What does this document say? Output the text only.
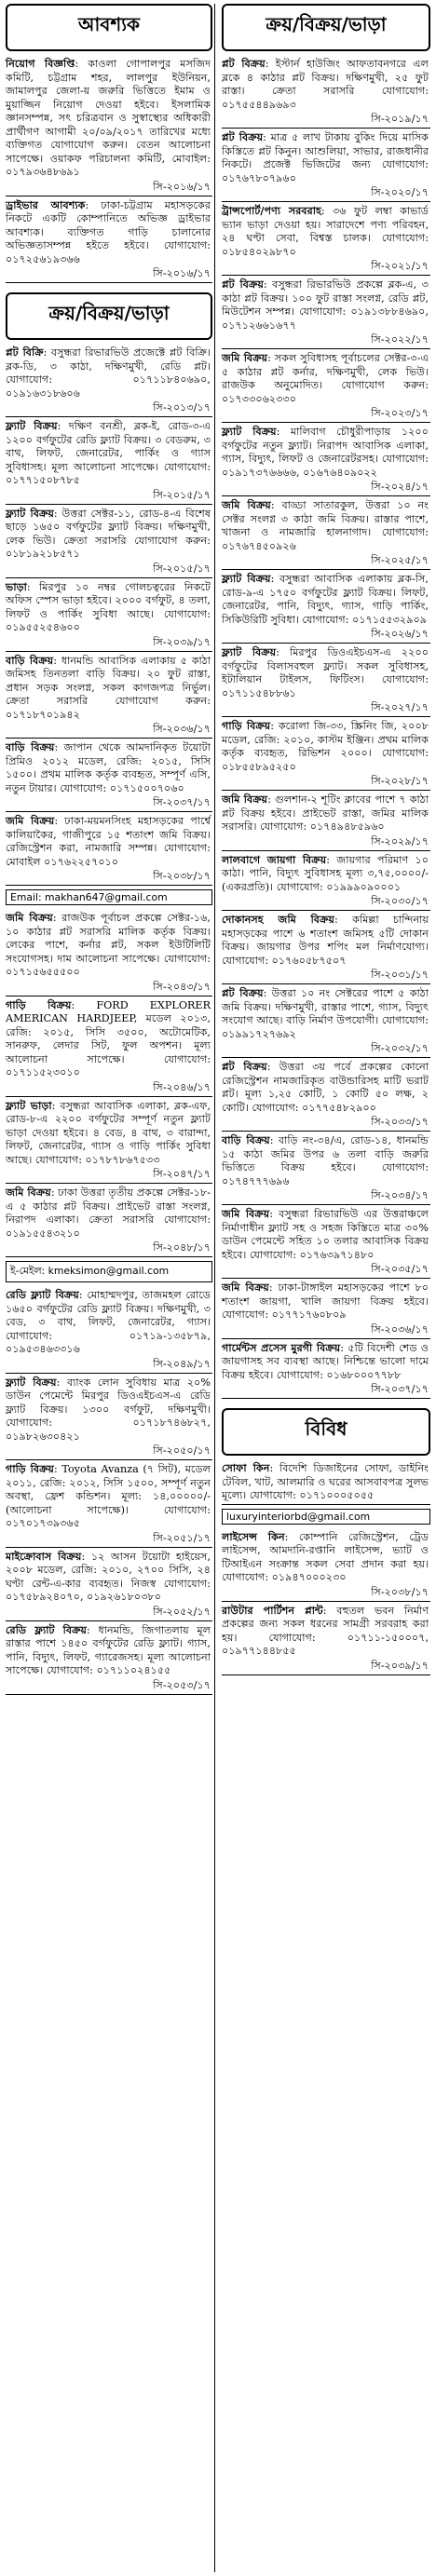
আবশ্যক
নিয়োগ বিজ্ঞপ্তি: কাওলা গোপালপুর মসজিদ কমিটি, চট্টগ্রাম শহর, লালপুর ইউনিয়ন, জামালপুর জেলা-য় জরুরি ভিত্তিতে ইমাম ও মুয়াজ্জিন নিয়োগ দেওয়া হইবে। ইসলামিক জ্ঞানসম্পন্ন, সৎ চরিত্রবান ও সুস্বাস্থ্যের অধিকারী প্রার্থীগণ আগামী ২০/০৯/২০১৭ তারিখের মধ্যে ব্যক্তিগত যোগাযোগ করুন। বেতন আলোচনা সাপেক্ষে। ওয়াকফ পরিচালনা কমিটি, মোবাইল: ০১৭৯৩৬৪৮৬৯১
সি-২০১৬/১৭
ড্রাইভার আবশ্যক: ঢাকা-চট্টগ্রাম মহাসড়কের নিকটে একটি কোম্পানিতে অভিজ্ঞ ড্রাইভার আবশ্যক। ব্যক্তিগত গাড়ি চালানোর অভিজ্ঞতাসম্পন্ন হইতে হইবে। যোগাযোগ: ০১৭২৫৬১৯৩৬৬
সি-২০১৬/১৭
ক্রয়/বিক্রয়/ভাড়া
প্লট বিক্রি: বসুন্ধরা রিভারভিউ প্রজেক্টে প্লট বিক্রি। ব্লক-ডি, ৩ কাঠা, দক্ষিণমুখী, রেডি প্লট। যোগাযোগ: ০১৭১১৮৪০৬৯০, ০১৯১৬৩১৮৬০৬
সি-২০১৩/১৭
ফ্ল্যাট বিক্রয়: দক্ষিণ বনশ্রী, ব্লক-ই, রোড-৩-এ ১২০০ বর্গফুটের রেডি ফ্ল্যাট বিক্রয়। ৩ বেডরুম, ৩ বাথ, লিফট, জেনারেটর, পার্কিং ও গ্যাস সুবিধাসহ। মূল্য আলোচনা সাপেক্ষে। যোগাযোগ: ০১৭৭১৫০৮৭৮৫
সি-২০১৫/১৭
ফ্ল্যাট বিক্রয়: উত্তরা সেক্টর-১১, রোড-৪-এ বিশেষ ছাড়ে ১৬৫০ বর্গফুটের ফ্ল্যাট বিক্রয়। দক্ষিণমুখী, লেক ভিউ। ক্রেতা সরাসরি যোগাযোগ করুন: ০১৮১৯২১৮৫৭১
সি-২০১৫/১৭
ভাড়া: মিরপুর ১০ নম্বর গোলচত্বরের নিকটে অফিস স্পেস ভাড়া হইবে। ২০০০ বর্গফুট, ৪ তলা, লিফট ও পার্কিং সুবিধা আছে। যোগাযোগ: ০১৯৫৫২৫৪৬০০
সি-২০৩৯/১৭
বাড়ি বিক্রয়: ধানমন্ডি আবাসিক এলাকায় ৫ কাঠা জমিসহ তিনতলা বাড়ি বিক্রয়। ২০ ফুট রাস্তা, প্রধান সড়ক সংলগ্ন, সকল কাগজপত্র নির্ভুল। ক্রেতা সরাসরি যোগাযোগ করুন: ০১৭১৮৭০১৯৪২
সি-২০৩৬/১৭
বাড়ি বিক্রয়: জাপান থেকে আমদানিকৃত টয়োটা প্রিমিও ২০১২ মডেল, রেজি: ২০১৫, সিসি ১৫০০। প্রথম মালিক কর্তৃক ব্যবহৃত, সম্পূর্ণ এসি, নতুন টায়ার। যোগাযোগ: ০১৭১৫০০৭০৬০
সি-২০৩৭/১৭
জমি বিক্রয়: ঢাকা-ময়মনসিংহ মহাসড়কের পার্শ্বে কালিয়াকৈর, গাজীপুরে ১৫ শতাংশ জমি বিক্রয়। রেজিস্ট্রেশন করা, নামজারি সম্পন্ন। যোগাযোগ: মোবাইল ০১৭৬২২৫৭০১০
সি-২০৩৮/১৭
Email: makhan647@gmail.com
জমি বিক্রয়: রাজউক পূর্বাচল প্রকল্পে সেক্টর-১৬, ১০ কাঠার প্লট সরাসরি মালিক কর্তৃক বিক্রয়। লেকের পাশে, কর্নার প্লট, সকল ইউটিলিটি সংযোগসহ। দাম আলোচনা সাপেক্ষে। যোগাযোগ: ০১৭১৫৬৫৫৫০০
সি-২০৪৩/১৭
গাড়ি বিক্রয়: FORD EXPLORER AMERICAN HARDJEEP, মডেল ২০১৩, রেজি: ২০১৫, সিসি ৩৫০০, অটোমেটিক, সানরুফ, লেদার সিট, ফুল অপশন। মূল্য আলোচনা সাপেক্ষে। যোগাযোগ: ০১৭১১৫২৩০১০
সি-২০৪৬/১৭
ফ্ল্যাট ভাড়া: বসুন্ধরা আবাসিক এলাকা, ব্লক-এফ, রোড-৮-এ ২২০০ বর্গফুটের সম্পূর্ণ নতুন ফ্ল্যাট ভাড়া দেওয়া হইবে। ৪ বেড, ৪ বাথ, ৩ বারান্দা, লিফট, জেনারেটর, গ্যাস ও গাড়ি পার্কিং সুবিধা আছে। যোগাযোগ: ০১৭৮৭৮৬৭৫৩৩
সি-২০৪৭/১৭
জমি বিক্রয়: ঢাকা উত্তরা তৃতীয় প্রকল্পে সেক্টর-১৮-এ ৫ কাঠার প্লট বিক্রয়। প্রাইভেট রাস্তা সংলগ্ন, নিরাপদ এলাকা। ক্রেতা সরাসরি যোগাযোগ: ০১৯১৫৫৪৩২১০
সি-২০৪৮/১৭
ই-মেইল: kmeksimon@gmail.com
রেডি ফ্ল্যাট বিক্রয়: মোহাম্মদপুর, তাজমহল রোডে ১৬৫০ বর্গফুটের রেডি ফ্ল্যাট বিক্রয়। দক্ষিণমুখী, ৩ বেড, ৩ বাথ, লিফট, জেনারেটর, গ্যাস। যোগাযোগ: ০১৭১৯-১৩৫৮৭৯, ০১৯৫৩৪৬৩৩১৬
সি-২০৪৯/১৭
ফ্ল্যাট বিক্রয়: ব্যাংক লোন সুবিধায় মাত্র ২০% ডাউন পেমেন্টে মিরপুর ডিওএইচএস-এ রেডি ফ্ল্যাট বিক্রয়। ১৩০০ বর্গফুট, দক্ষিণমুখী। যোগাযোগ: ০১৭১৮৭৪৬৮২৭, ০১৯৮২৬৩০৪২১
সি-২০৫০/১৭
গাড়ি বিক্রয়: Toyota Avanza (৭ সিট), মডেল ২০১১, রেজি: ২০১২, সিসি ১৫০০, সম্পূর্ণ নতুন অবস্থা, ফ্রেশ কন্ডিশন। মূল্য: ১৪,০০০০০/- (আলোচনা সাপেক্ষে)। যোগাযোগ: ০১৭০১৭৩৯৩৬৫
সি-২০৫১/১৭
মাইক্রোবাস বিক্রয়: ১২ আসন টয়োটা হাইয়েস, ২০০৮ মডেল, রেজি: ২০১০, ২৭০০ সিসি, ২৪ ঘণ্টা রেন্ট-এ-কার ব্যবহৃত। নিজস্ব যোগাযোগ: ০১৭৫৮৯২৪০৭০, ০১৯২৬১৮০৩৮০
সি-২০৫২/১৭
রেডি ফ্ল্যাট বিক্রয়: ধানমন্ডি, জিগাতলায় মূল রাস্তার পাশে ১৪৫০ বর্গফুটের রেডি ফ্ল্যাট। গ্যাস, পানি, বিদ্যুৎ, লিফট, গ্যারেজসহ। মূল্য আলোচনা সাপেক্ষে। যোগাযোগ: ০১৭১১০২৪১৫৫
সি-২০৫৩/১৭
ক্রয়/বিক্রয়/ভাড়া
প্লট বিক্রয়: ইস্টার্ন হাউজিং আফতাবনগরে এল ব্লকে ৪ কাঠার প্লট বিক্রয়। দক্ষিণমুখী, ২৫ ফুট রাস্তা। ক্রেতা সরাসরি যোগাযোগ: ০১৭৫৫৪৪৯৬৯৩
সি-২০১৯/১৭
প্লট বিক্রয়: মাত্র ৫ লাখ টাকায় বুকিং দিয়ে মাসিক কিস্তিতে প্লট কিনুন। আশুলিয়া, সাভার, রাজধানীর নিকটে। প্রজেক্ট ভিজিটের জন্য যোগাযোগ: ০১৭৬৭৮০৭৯৬০
সি-২০২০/১৭
ট্রান্সপোর্ট/পণ্য সরবরাহ: ৩৬ ফুট লম্বা কাভার্ড ভ্যান ভাড়া দেওয়া হয়। সারাদেশে পণ্য পরিবহন, ২৪ ঘণ্টা সেবা, বিশ্বস্ত চালক। যোগাযোগ: ০১৮৫৪০২৯৮৭০
সি-২০২১/১৭
প্লট বিক্রয়: বসুন্ধরা রিভারভিউ প্রকল্পে ব্লক-এ, ৩ কাঠা প্লট বিক্রয়। ১০০ ফুট রাস্তা সংলগ্ন, রেডি প্লট, মিউটেশন সম্পন্ন। যোগাযোগ: ০১৯১৩৮৮৪৬৯০, ০১৭১২৬৬১৬৭৭
সি-২০২২/১৭
জমি বিক্রয়: সকল সুবিধাসহ পূর্বাচলের সেক্টর-৩-এ ৫ কাঠার প্লট কর্নার, দক্ষিণমুখী, লেক ভিউ। রাজউক অনুমোদিত। যোগাযোগ করুন: ০১৭৩৩০৬২৩৩০
সি-২০২৩/১৭
ফ্ল্যাট বিক্রয়: মালিবাগ চৌধুরীপাড়ায় ১২০০ বর্গফুটের নতুন ফ্ল্যাট। নিরাপদ আবাসিক এলাকা, গ্যাস, বিদ্যুৎ, লিফট ও জেনারেটরসহ। যোগাযোগ: ০১৯১৭৩৭৬৬৬৬, ০১৬৭৬৪০৯০২২
সি-২০২৪/১৭
জমি বিক্রয়: বাড্ডা সাতারকুল, উত্তরা ১০ নং সেক্টর সংলগ্ন ৩ কাঠা জমি বিক্রয়। রাস্তার পাশে, খাজনা ও নামজারি হালনাগাদ। যোগাযোগ: ০১৭৬৭৪৫০৯২৬
সি-২০২৫/১৭
ফ্ল্যাট বিক্রয়: বসুন্ধরা আবাসিক এলাকায় ব্লক-সি, রোড-৯-এ ১৭৫০ বর্গফুটের ফ্ল্যাট বিক্রয়। লিফট, জেনারেটর, পানি, বিদ্যুৎ, গ্যাস, গাড়ি পার্কিং, সিকিউরিটি সুবিধা। যোগাযোগ: ০১৭১৫৫৩২৯০৯
সি-২০২৬/১৭
ফ্ল্যাট বিক্রয়: মিরপুর ডিওএইচএস-এ ২২০০ বর্গফুটের বিলাসবহুল ফ্ল্যাট। সকল সুবিধাসহ, ইটালিয়ান টাইলস, ফিটিংস। যোগাযোগ: ০১৭১১৫৪৮৮৬১
সি-২০২৭/১৭
গাড়ি বিক্রয়: করোলা জি-৩৩, স্ক্রিনিং জি, ২০০৮ মডেল, রেজি: ২০১০, কাস্টম ইঞ্জিন। প্রথম মালিক কর্তৃক ব্যবহৃত, রিভিশন ২০০০। যোগাযোগ: ০১৮৫৫৮৯৫২৫০
সি-২০২৮/১৭
জমি বিক্রয়: গুলশান-২ শূটিং ক্লাবের পাশে ৭ কাঠা প্লট বিক্রয় হইবে। প্রাইভেট রাস্তা, জমির মালিক সরাসরি। যোগাযোগ: ০১৭৪৯৪৮৫৯৬০
সি-২০২৯/১৭
লালবাগে জায়গা বিক্রয়: জায়গার পরিমাণ ১০ কাঠা। পানি, বিদ্যুৎ সুবিধাসহ মূল্য ৩,৭৫,০০০০/- (একরপ্রতি)। যোগাযোগ: ০১৯৯৯০৯০০০১
সি-২০৩০/১৭
দোকানসহ জমি বিক্রয়: কমিল্লা চান্দিনায় মহাসড়কের পাশে ৬ শতাংশ জমিসহ ৫টি দোকান বিক্রয়। জায়গার উপর শপিং মল নির্মাণযোগ্য। যোগাযোগ: ০১৭৬০৫৮৭৫০৭
সি-২০৩১/১৭
প্লট বিক্রয়: উত্তরা ১০ নং সেক্টরের পাশে ৫ কাঠা জমি বিক্রয়। দক্ষিণমুখী, রাস্তার পাশে, গ্যাস, বিদ্যুৎ সংযোগ আছে। বাড়ি নির্মাণ উপযোগী। যোগাযোগ: ০১৯৯১৭২৭৬৯২
সি-২০৩২/১৭
প্লট বিক্রয়: উত্তরা ৩য় পর্বে প্রকল্পের কোনো রেজিস্ট্রেশন নামজারিকৃত বাউন্ডারিসহ মাটি ভরাট প্লট। মূল্য ১,২৫ কোটি, ১ কোটি ৫০ লক্ষ, ২ কোটি। যোগাযোগ: ০১৭৭৫৪৮২৯০০
সি-২০৩৩/১৭
বাড়ি বিক্রয়: বাড়ি নং-৩৪/এ, রোড-১৪, ধানমন্ডি ১৫ কাঠা জমির উপর ৬ তলা বাড়ি জরুরি ভিত্তিতে বিক্রয় হইবে। যোগাযোগ: ০১৭৪৭৭৭৬৯৬
সি-২০৩৪/১৭
জমি বিক্রয়: বসুন্ধরা রিভারভিউ এর উত্তরাঞ্চলে নির্মাণাধীন ফ্ল্যাট সহ ও সহজ কিস্তিতে মাত্র ৩০% ডাউন পেমেন্টে সহিত ১০ তলার আবাসিক বিক্রয় হইবে। যোগাযোগ: ০১৭৬৩৯৭১৪৮০
সি-২০৩৫/১৭
জমি বিক্রয়: ঢাকা-টাঙ্গাইল মহাসড়কের পাশে ৮০ শতাংশ জায়গা, খালি জায়গা বিক্রয় হইবে। যোগাযোগ: ০১৭৭১৭৬০৮০৯
সি-২০৩৬/১৭
গার্মেন্টস প্রসেস মুরগী বিক্রয়: ৫টি বিদেশী শেড ও জায়গাসহ সব ব্যবস্থা আছে। নিশ্চিন্তে ভালো দামে বিক্রয় হইবে। যোগাযোগ: ০১৬৮০০০৭৭৮৮
সি-২০৩৭/১৭
বিবিধ
সোফা কিন: বিদেশি ডিজাইনের সোফা, ডাইনিং টেবিল, খাট, আলমারি ও ঘরের আসবাবপত্র সুলভ মূল্যে। যোগাযোগ: ০১৭১০০০৫০৫৫
luxuryinteriorbd@gmail.com
লাইসেন্স কিন: কোম্পানি রেজিস্ট্রেশন, ট্রেড লাইসেন্স, আমদানি-রপ্তানি লাইসেন্স, ভ্যাট ও টিআইএন সংক্রান্ত সকল সেবা প্রদান করা হয়। যোগাযোগ: ০১৯৪৭০০০২৩০
সি-২০৩৮/১৭
রাউটার পার্টিশন প্লান্ট: বহুতল ভবন নির্মাণ প্রকল্পের জন্য সকল ধরনের সামগ্রী সরবরাহ করা হয়। যোগাযোগ: ০১৭১১-১৫০০০৭, ০১৯৭৭১৪৪৮৫৫
সি-২০৩৯/১৭
